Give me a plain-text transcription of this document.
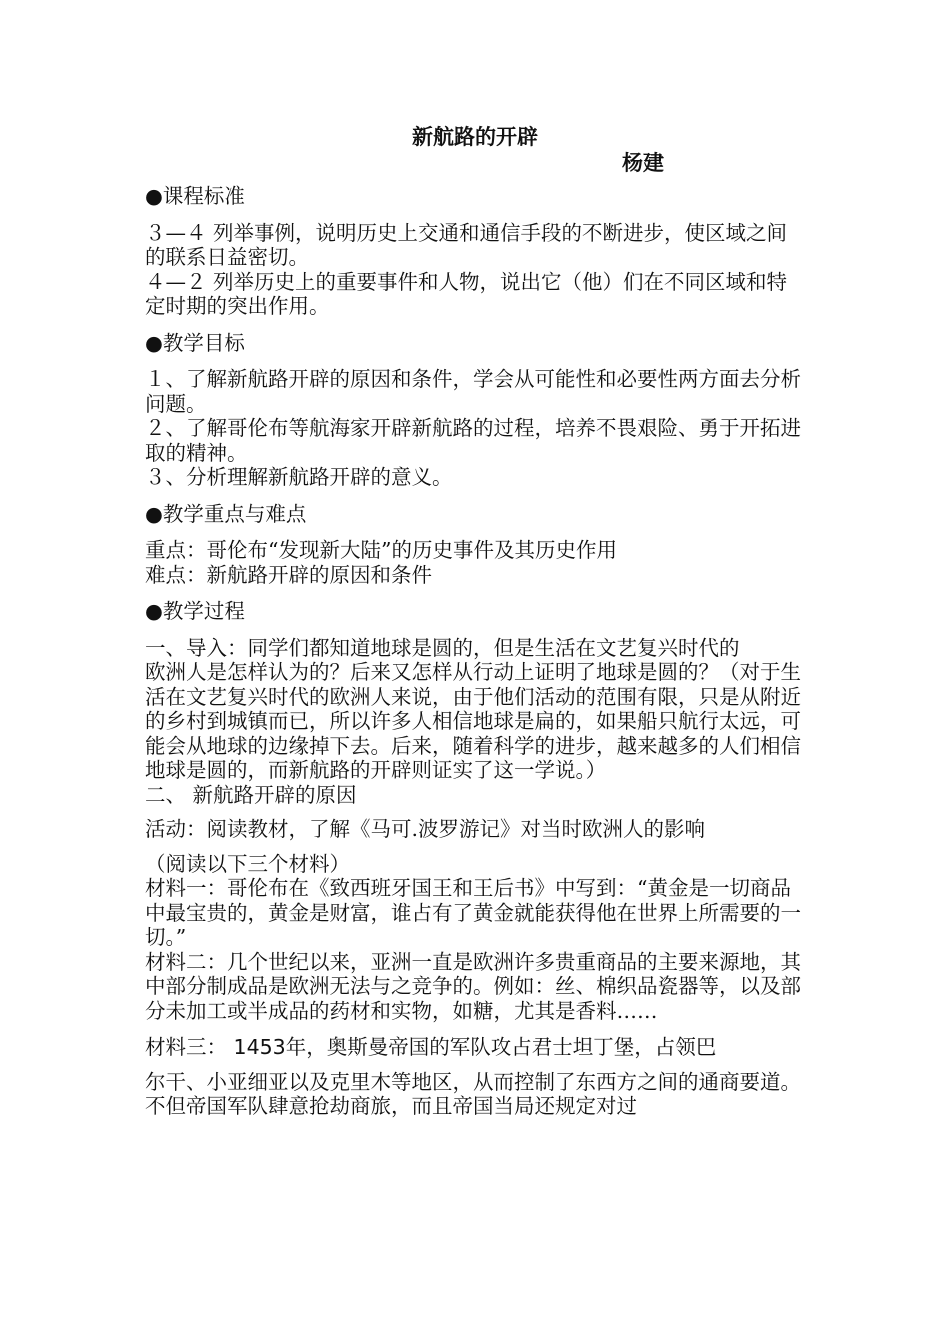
新航路的开辟
杨建

●课程标准

３—４ 列举事例，说明历史上交通和通信手段的不断进步，使区域之间的联系日益密切。

４—２ 列举历史上的重要事件和人物，说出它（他）们在不同区域和特定时期的突出作用。

●教学目标

１、了解新航路开辟的原因和条件，学会从可能性和必要性两方面去分析问题。

２、了解哥伦布等航海家开辟新航路的过程，培养不畏艰险、勇于开拓进取的精神。

３、分析理解新航路开辟的意义。

●教学重点与难点

重点：哥伦布“发现新大陆”的历史事件及其历史作用

难点：新航路开辟的原因和条件

●教学过程

一、导入：同学们都知道地球是圆的，但是生活在文艺复兴时代的

欧洲人是怎样认为的？后来又怎样从行动上证明了地球是圆的？（对于生活在文艺复兴时代的欧洲人来说，由于他们活动的范围有限，只是从附近的乡村到城镇而已，所以许多人相信地球是扁的，如果船只航行太远，可能会从地球的边缘掉下去。后来，随着科学的进步，越来越多的人们相信地球是圆的，而新航路的开辟则证实了这一学说。）

二、 新航路开辟的原因

活动：阅读教材，了解《马可.波罗游记》对当时欧洲人的影响

（阅读以下三个材料）

材料一：哥伦布在《致西班牙国王和王后书》中写到：“黄金是一切商品中最宝贵的，黄金是财富，谁占有了黄金就能获得他在世界上所需要的一切。”

材料二：几个世纪以来，亚洲一直是欧洲许多贵重商品的主要来源地，其中部分制成品是欧洲无法与之竞争的。例如：丝、棉织品瓷器等，以及部分未加工或半成品的药材和实物，如糖，尤其是香料……

材料三： 1453年，奥斯曼帝国的军队攻占君士坦丁堡，占领巴

尔干、小亚细亚以及克里木等地区，从而控制了东西方之间的通商要道。不但帝国军队肆意抢劫商旅，而且帝国当局还规定对过
